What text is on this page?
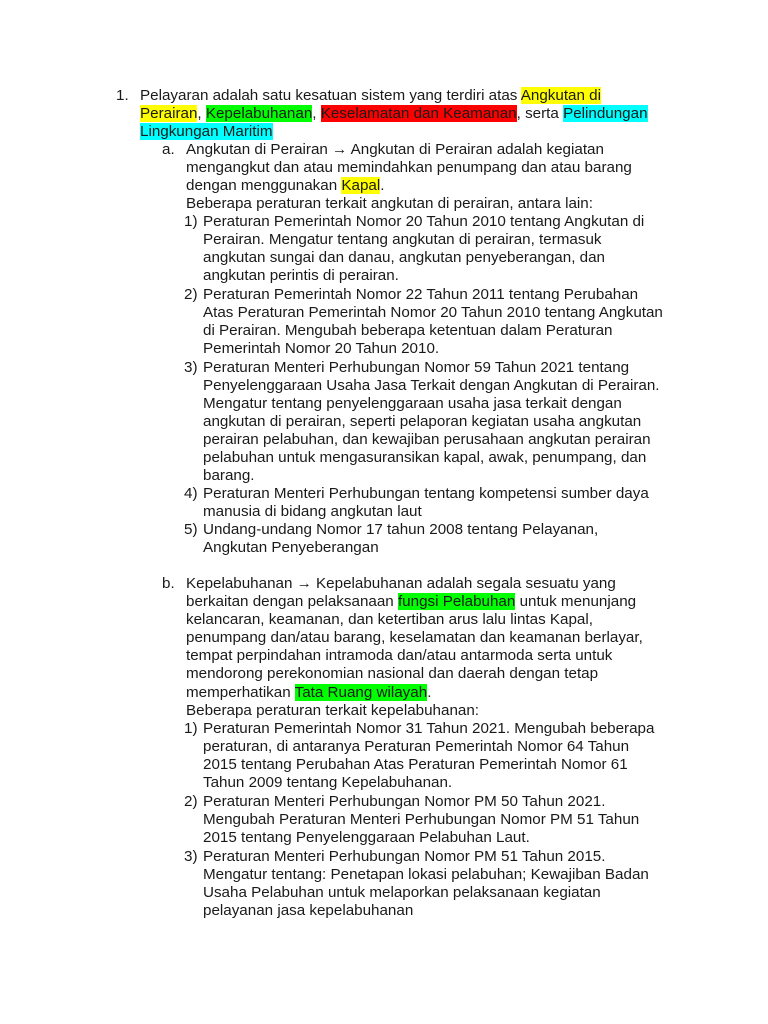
1. Pelayaran adalah satu kesatuan sistem yang terdiri atas Angkutan di
Perairan, Kepelabuhanan, Keselamatan dan Keamanan, serta Pelindungan
Lingkungan Maritim
a. Angkutan di Perairan → Angkutan di Perairan adalah kegiatan
mengangkut dan atau memindahkan penumpang dan atau barang
dengan menggunakan Kapal.
Beberapa peraturan terkait angkutan di perairan, antara lain:
1) Peraturan Pemerintah Nomor 20 Tahun 2010 tentang Angkutan di
Perairan. Mengatur tentang angkutan di perairan, termasuk
angkutan sungai dan danau, angkutan penyeberangan, dan
angkutan perintis di perairan.
2) Peraturan Pemerintah Nomor 22 Tahun 2011 tentang Perubahan
Atas Peraturan Pemerintah Nomor 20 Tahun 2010 tentang Angkutan
di Perairan. Mengubah beberapa ketentuan dalam Peraturan
Pemerintah Nomor 20 Tahun 2010.
3) Peraturan Menteri Perhubungan Nomor 59 Tahun 2021 tentang
Penyelenggaraan Usaha Jasa Terkait dengan Angkutan di Perairan.
Mengatur tentang penyelenggaraan usaha jasa terkait dengan
angkutan di perairan, seperti pelaporan kegiatan usaha angkutan
perairan pelabuhan, dan kewajiban perusahaan angkutan perairan
pelabuhan untuk mengasuransikan kapal, awak, penumpang, dan
barang.
4) Peraturan Menteri Perhubungan tentang kompetensi sumber daya
manusia di bidang angkutan laut
5) Undang-undang Nomor 17 tahun 2008 tentang Pelayanan,
Angkutan Penyeberangan
b. Kepelabuhanan → Kepelabuhanan adalah segala sesuatu yang
berkaitan dengan pelaksanaan fungsi Pelabuhan untuk menunjang
kelancaran, keamanan, dan ketertiban arus lalu lintas Kapal,
penumpang dan/atau barang, keselamatan dan keamanan berlayar,
tempat perpindahan intramoda dan/atau antarmoda serta untuk
mendorong perekonomian nasional dan daerah dengan tetap
memperhatikan Tata Ruang wilayah.
Beberapa peraturan terkait kepelabuhanan:
1) Peraturan Pemerintah Nomor 31 Tahun 2021. Mengubah beberapa
peraturan, di antaranya Peraturan Pemerintah Nomor 64 Tahun
2015 tentang Perubahan Atas Peraturan Pemerintah Nomor 61
Tahun 2009 tentang Kepelabuhanan.
2) Peraturan Menteri Perhubungan Nomor PM 50 Tahun 2021.
Mengubah Peraturan Menteri Perhubungan Nomor PM 51 Tahun
2015 tentang Penyelenggaraan Pelabuhan Laut.
3) Peraturan Menteri Perhubungan Nomor PM 51 Tahun 2015.
Mengatur tentang: Penetapan lokasi pelabuhan; Kewajiban Badan
Usaha Pelabuhan untuk melaporkan pelaksanaan kegiatan
pelayanan jasa kepelabuhanan
